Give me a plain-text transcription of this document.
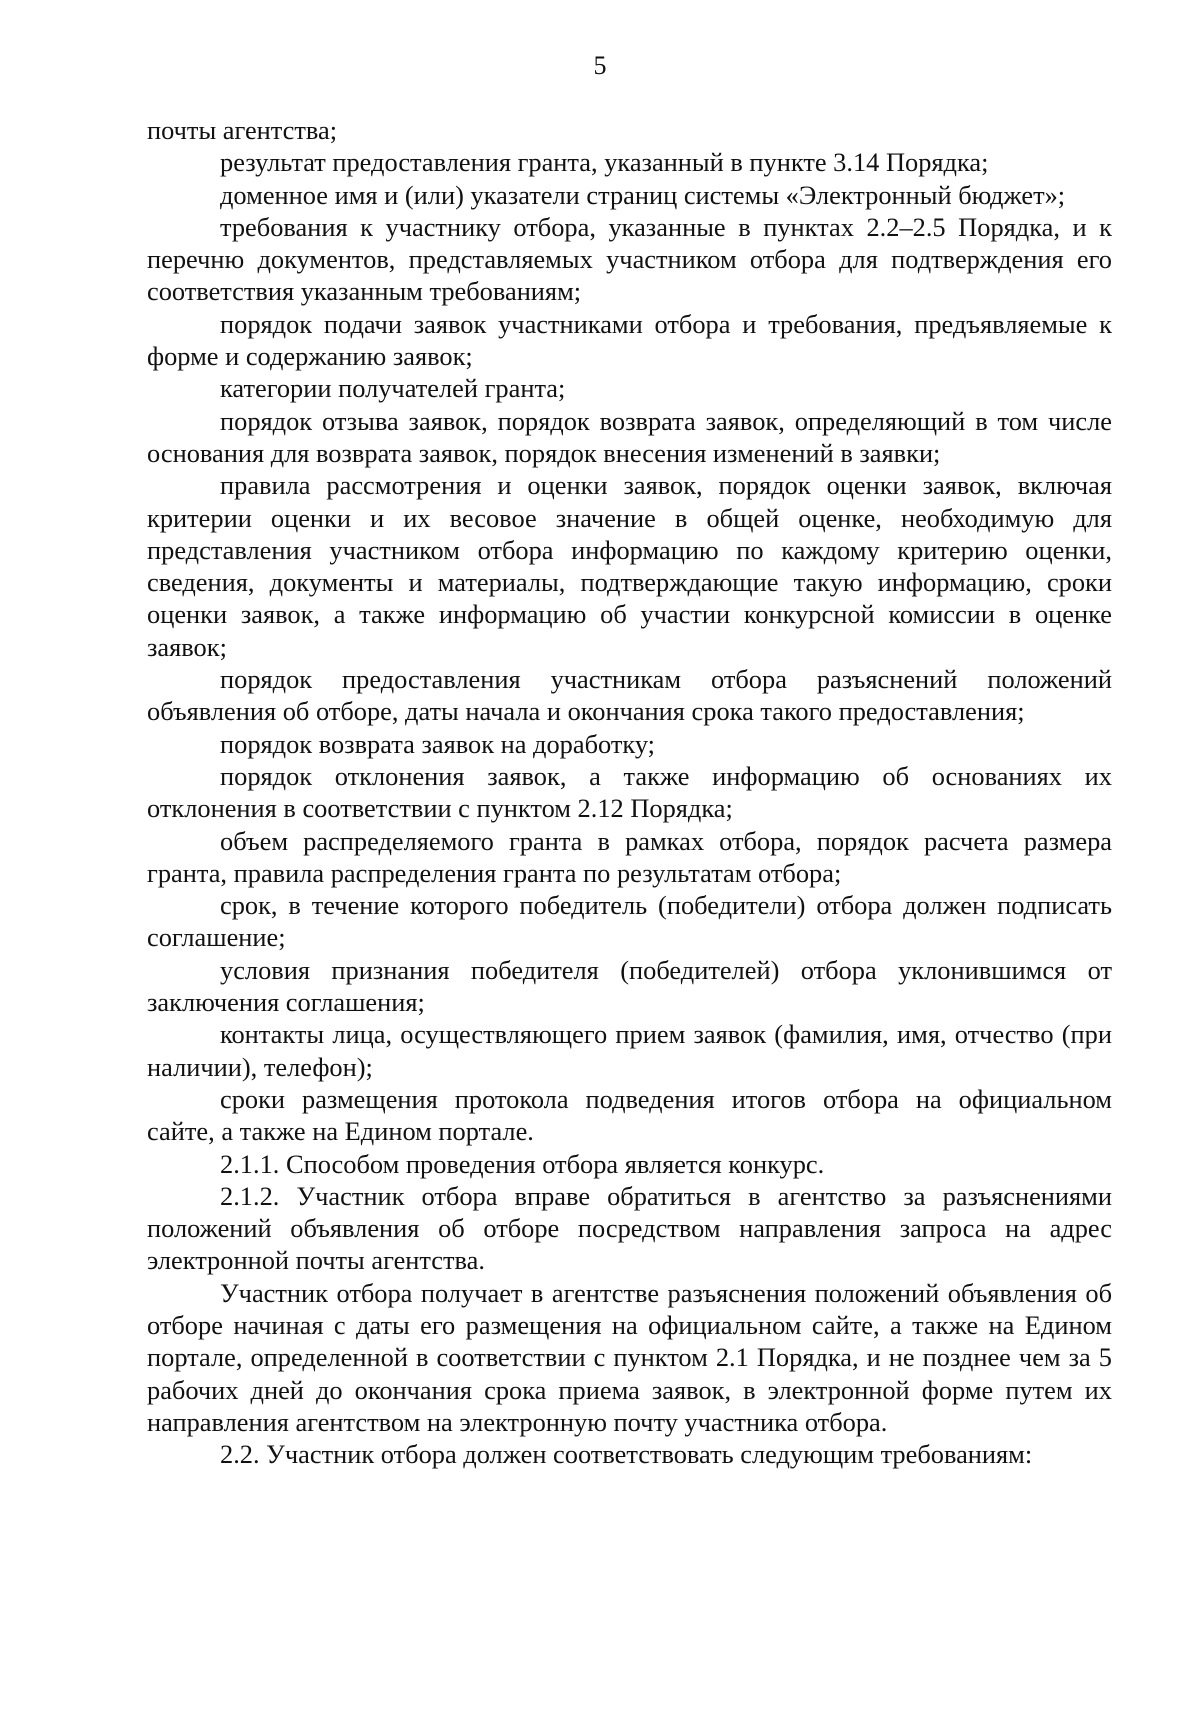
5

почты агентства;

результат предоставления гранта, указанный в пункте 3.14 Порядка;

доменное имя и (или) указатели страниц системы «Электронный бюджет»;

требования к участнику отбора, указанные в пунктах 2.2–2.5 Порядка, и к перечню документов, представляемых участником отбора для подтверждения его соответствия указанным требованиям;

порядок подачи заявок участниками отбора и требования, предъявляемые к форме и содержанию заявок;

категории получателей гранта;

порядок отзыва заявок, порядок возврата заявок, определяющий в том числе основания для возврата заявок, порядок внесения изменений в заявки;

правила рассмотрения и оценки заявок, порядок оценки заявок, включая критерии оценки и их весовое значение в общей оценке, необходимую для представления участником отбора информацию по каждому критерию оценки, сведения, документы и материалы, подтверждающие такую информацию, сроки оценки заявок, а также информацию об участии конкурсной комиссии в оценке заявок;

порядок предоставления участникам отбора разъяснений положений объявления об отборе, даты начала и окончания срока такого предоставления;

порядок возврата заявок на доработку;

порядок отклонения заявок, а также информацию об основаниях их отклонения в соответствии с пунктом 2.12 Порядка;

объем распределяемого гранта в рамках отбора, порядок расчета размера гранта, правила распределения гранта по результатам отбора;

срок, в течение которого победитель (победители) отбора должен подписать соглашение;

условия признания победителя (победителей) отбора уклонившимся от заключения соглашения;

контакты лица, осуществляющего прием заявок (фамилия, имя, отчество (при наличии), телефон);

сроки размещения протокола подведения итогов отбора на официальном сайте, а также на Едином портале.

2.1.1. Способом проведения отбора является конкурс.

2.1.2. Участник отбора вправе обратиться в агентство за разъяснениями положений объявления об отборе посредством направления запроса на адрес электронной почты агентства.

Участник отбора получает в агентстве разъяснения положений объявления об отборе начиная с даты его размещения на официальном сайте, а также на Едином портале, определенной в соответствии с пунктом 2.1 Порядка, и не позднее чем за 5 рабочих дней до окончания срока приема заявок, в электронной форме путем их направления агентством на электронную почту участника отбора.

2.2. Участник отбора должен соответствовать следующим требованиям:
